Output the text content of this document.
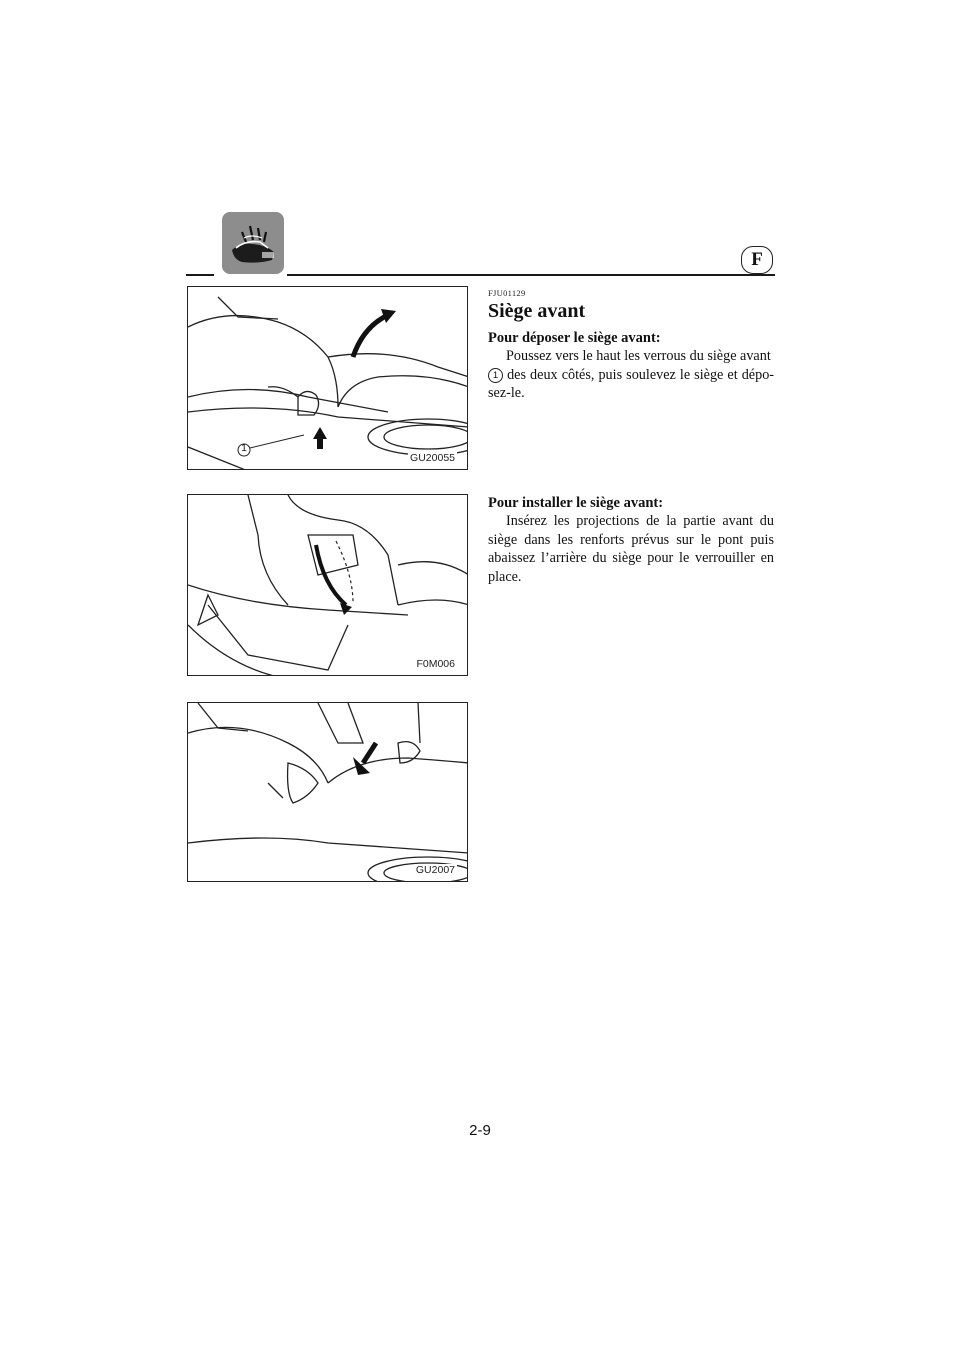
F
1
GU20055
F0M006
GU2007
FJU01129
Siège avant

Pour déposer le siège avant:

Poussez vers le haut les verrous du siège avant
1 des deux côtés, puis soulevez le siège et dépo-sez-le.

Pour installer le siège avant:

Insérez les projections de la partie avant du siège dans les renforts prévus sur le pont puis abaissez l’arrière du siège pour le verrouiller en place.

2-9
